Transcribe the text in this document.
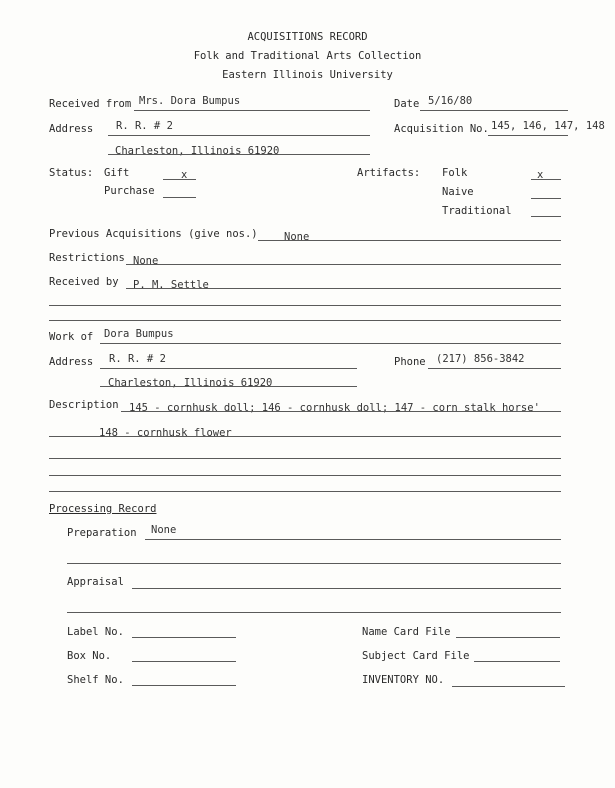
ACQUISITIONS RECORD
Folk and Traditional Arts Collection
Eastern Illinois University
Received from Mrs. Dora Bumpus	Date 5/16/80
Address R. R. # 2	Acquisition No. 145, 146, 147, 148
Charleston, Illinois 61920
Status: Gift	x
Purchase
Artifacts: Folk	x
Naive
Traditional
Previous Acquisitions (give nos.)	None
Restrictions None
Received by P. M. Settle
Work of Dora Bumpus
Address R. R. # 2	Phone (217) 856-3842
Charleston, Illinois 61920
Description 145 - cornhusk doll; 146 - cornhusk doll; 147 - corn stalk horse'
148 - cornhusk flower
Processing Record
Preparation None
Appraisal
Label No.
Box No.
Shelf No.
Name Card File
Subject Card File
INVENTORY NO.
